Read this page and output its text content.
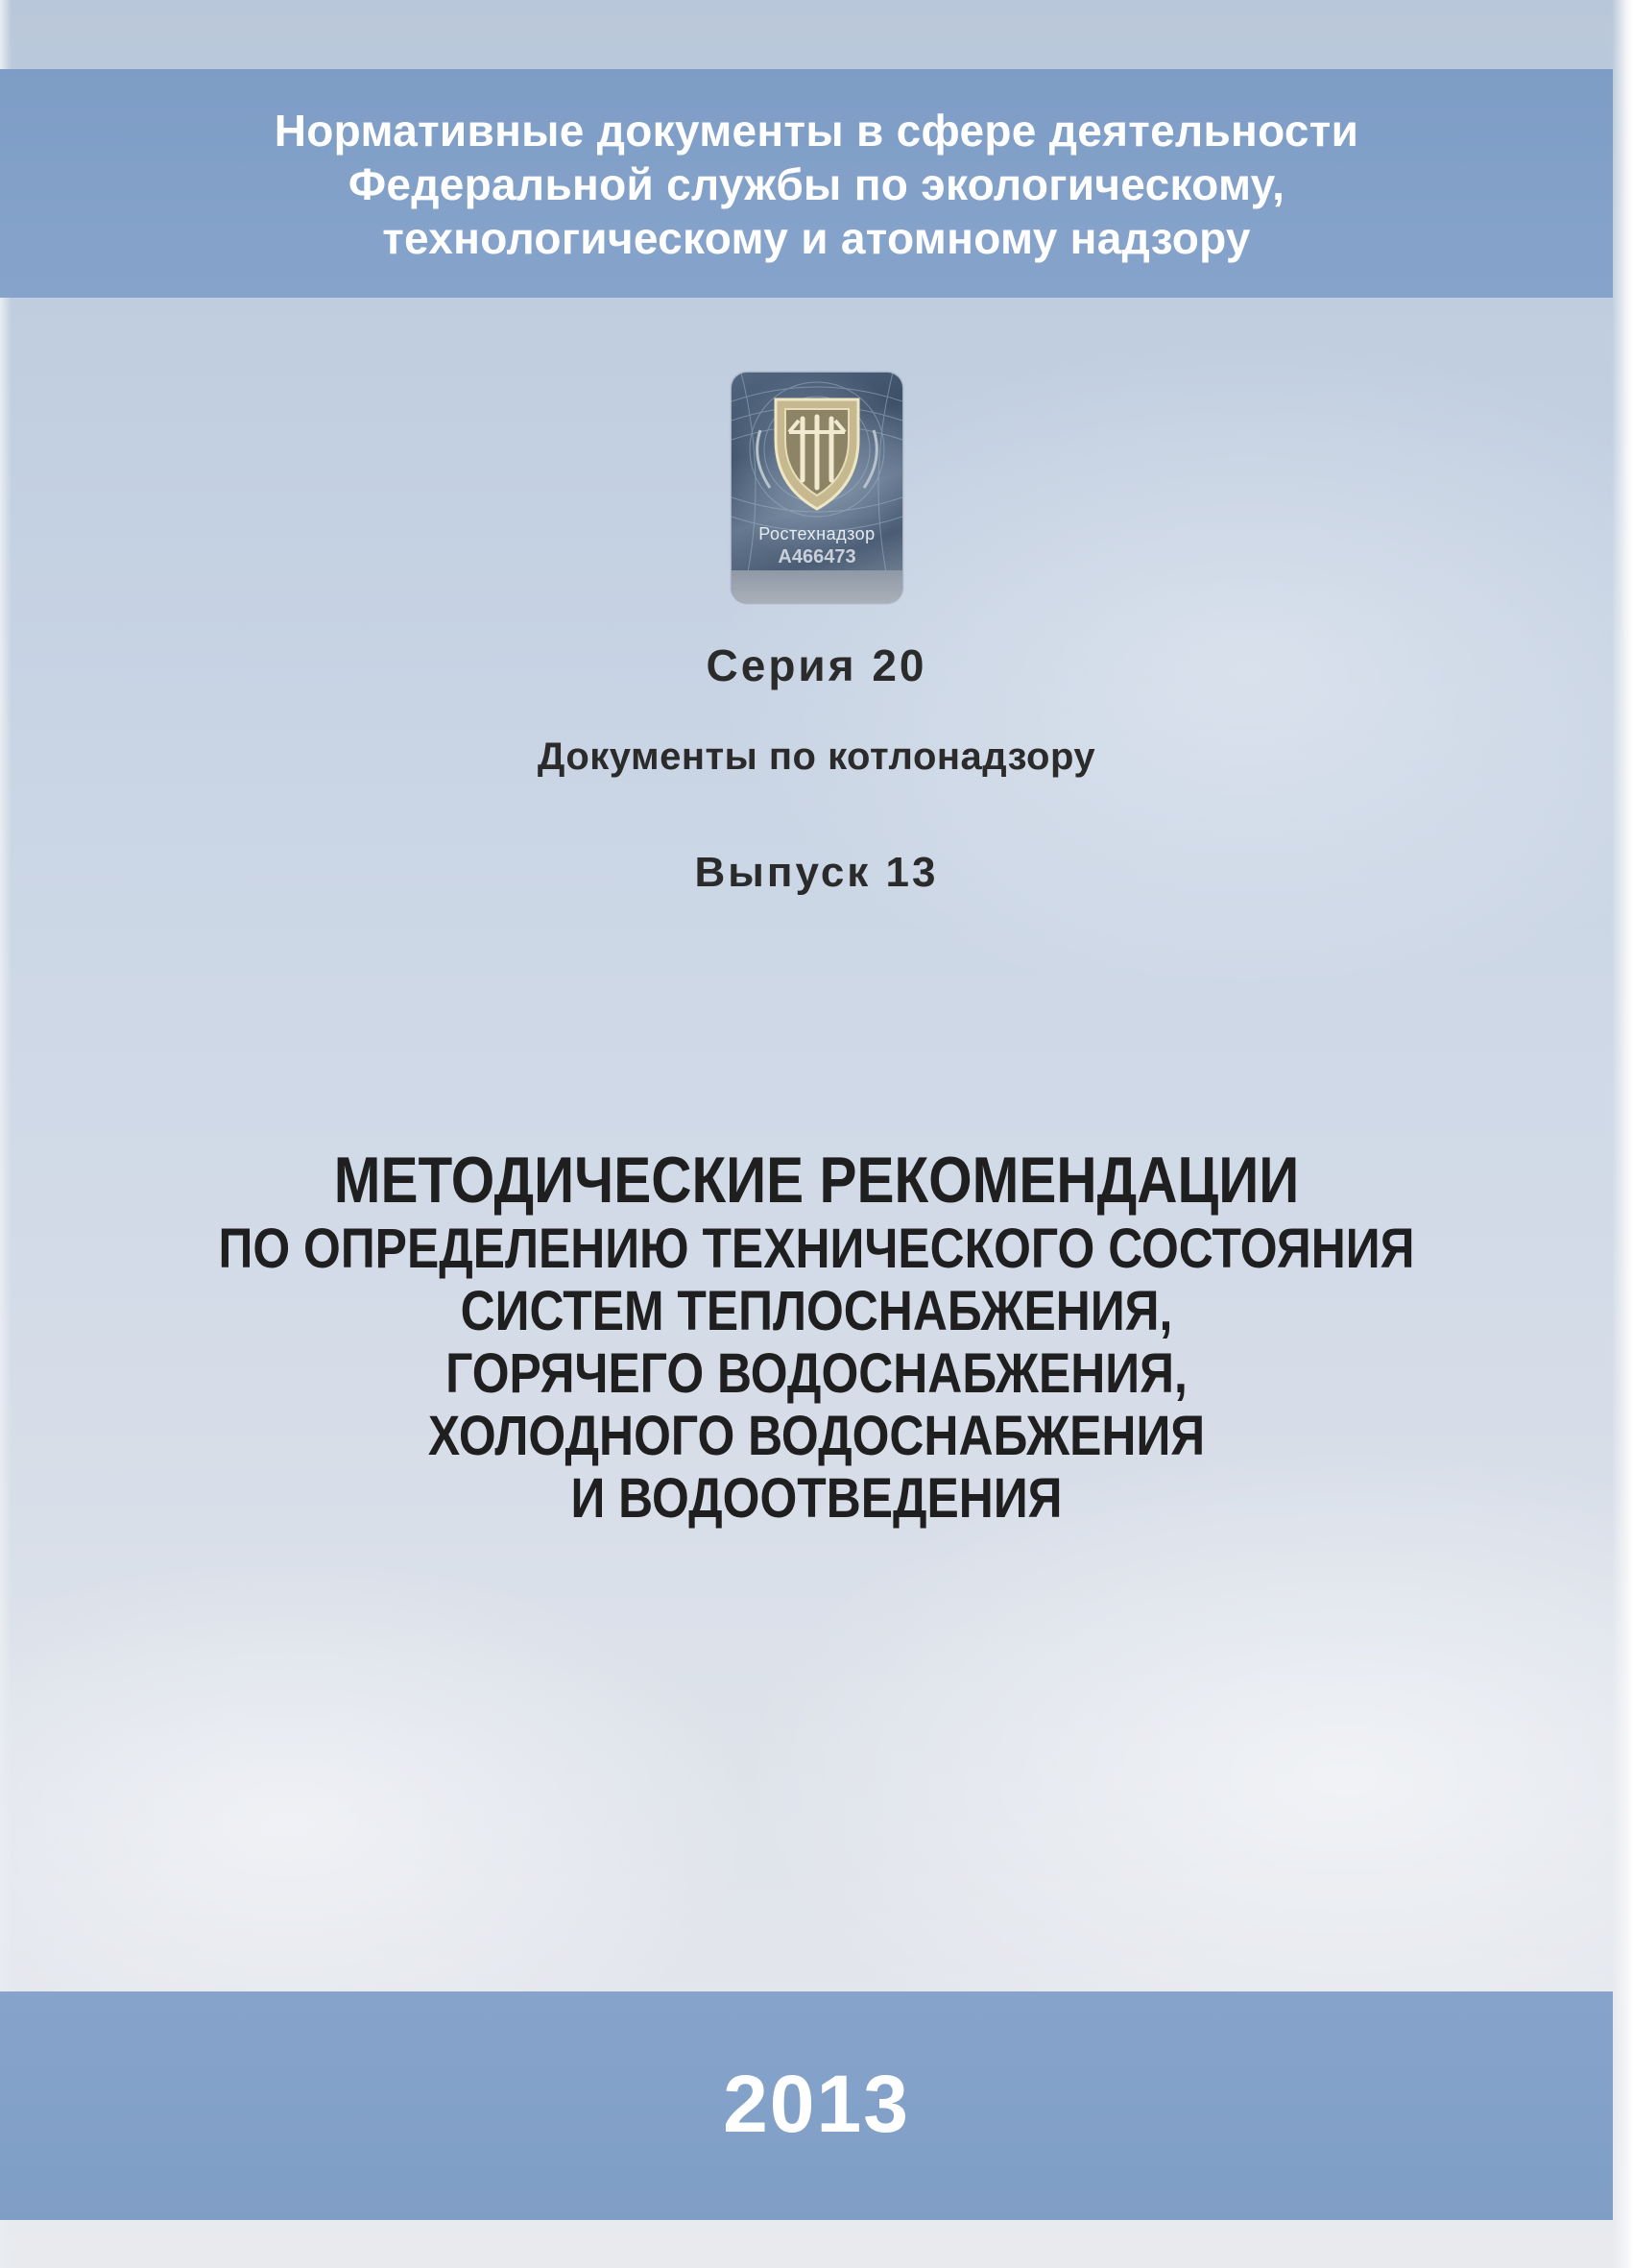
Нормативные документы в сфере деятельности
Федеральной службы по экологическому,
технологическому и атомному надзору
Ростехнадзор
A466473
Серия 20
Документы по котлонадзору
Выпуск 13
МЕТОДИЧЕСКИЕ РЕКОМЕНДАЦИИ
ПО ОПРЕДЕЛЕНИЮ ТЕХНИЧЕСКОГО СОСТОЯНИЯ
СИСТЕМ ТЕПЛОСНАБЖЕНИЯ,
ГОРЯЧЕГО ВОДОСНАБЖЕНИЯ,
ХОЛОДНОГО ВОДОСНАБЖЕНИЯ
И ВОДООТВЕДЕНИЯ
2013
